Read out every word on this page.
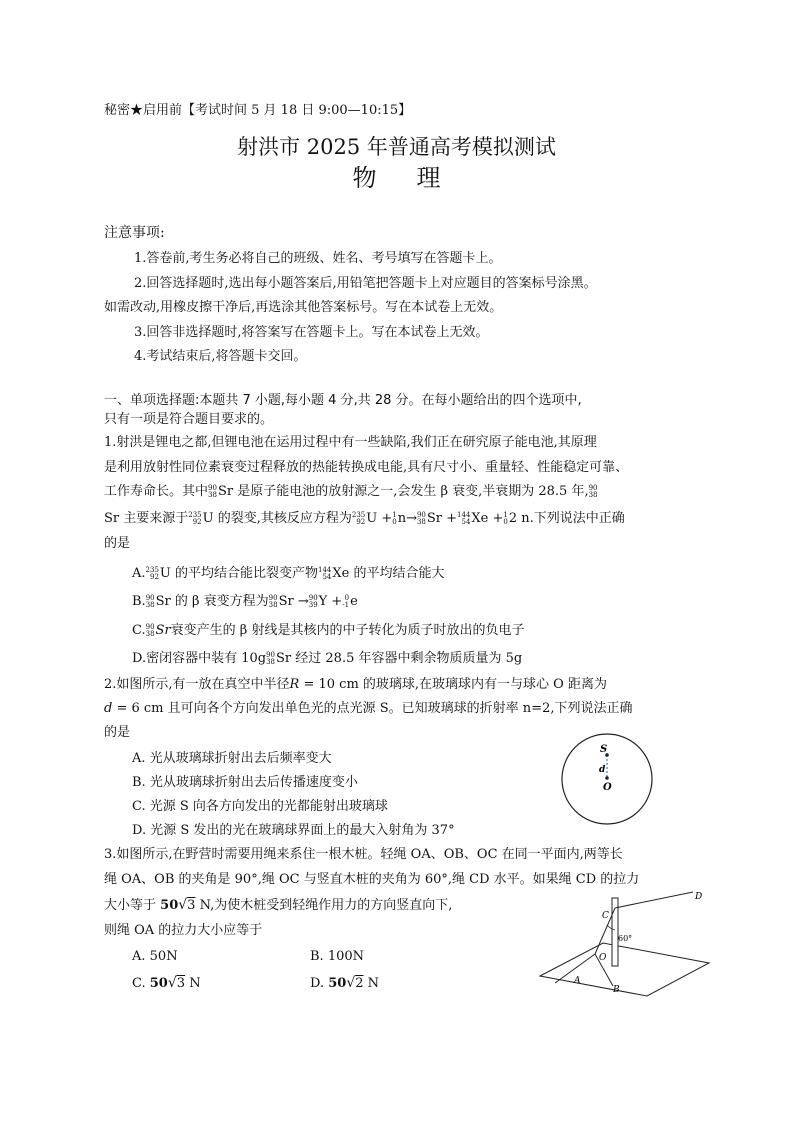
秘密★启用前【考试时间 5 月 18 日 9:00—10:15】
射洪市 2025 年普通高考模拟测试
物理
注意事项:
1.答卷前,考生务必将自己的班级、姓名、考号填写在答题卡上。
2.回答选择题时,选出每小题答案后,用铅笔把答题卡上对应题目的答案标号涂黑。
如需改动,用橡皮擦干净后,再选涂其他答案标号。写在本试卷上无效。
3.回答非选择题时,将答案写在答题卡上。写在本试卷上无效。
4.考试结束后,将答题卡交回。
一、单项选择题:本题共 7 小题,每小题 4 分,共 28 分。在每小题给出的四个选项中,
只有一项是符合题目要求的。
1.射洪是锂电之都,但锂电池在运用过程中有一些缺陷,我们正在研究原子能电池,其原理
是利用放射性同位素衰变过程释放的热能转换成电能,具有尺寸小、重量轻、性能稳定可靠、
工作寿命长。其中 90
38 Sr 是原子能电池的放射源之一,会发生 β 衰变,半衰期为 28.5 年, 90
38
Sr 主要来源于 235
92 U 的裂变,其核反应方程为 235
92 U + 1
0 n→ 90
38 Sr + 144
54 Xe + 1
0 2 n.下列说法中正确
的是
A. 235
92 U 的平均结合能比裂变产物 144
54 Xe 的平均结合能大
B. 90
38 Sr 的 β 衰变方程为 90
38 Sr → 90
39 Y + 0
-1 e
C. 90
38 Sr衰变产生的 β 射线是其核内的中子转化为质子时放出的负电子
D.密闭容器中装有 10g 90
38 Sr 经过 28.5 年容器中剩余物质质量为 5g
2.如图所示,有一放在真空中半径R = 10 cm 的玻璃球,在玻璃球内有一与球心 O 距离为
d = 6 cm 且可向各个方向发出单色光的点光源 S。已知玻璃球的折射率 n=2,下列说法正确
的是
A. 光从玻璃球折射出去后频率变大
B. 光从玻璃球折射出去后传播速度变小
C. 光源 S 向各方向发出的光都能射出玻璃球
D. 光源 S 发出的光在玻璃球界面上的最大入射角为 37°
S
d
O
3.如图所示,在野营时需要用绳来系住一根木桩。轻绳 OA、OB、OC 在同一平面内,两等长
绳 OA、OB 的夹角是 90°,绳 OC 与竖直木桩的夹角为 60°,绳 CD 水平。如果绳 CD 的拉力
大小等于 50√3 N,为使木桩受到轻绳作用力的方向竖直向下,
则绳 OA 的拉力大小应等于
A. 50N	B. 100N
C. 50√3 N	D. 50√2 N
D
C
60°
O
A
B
